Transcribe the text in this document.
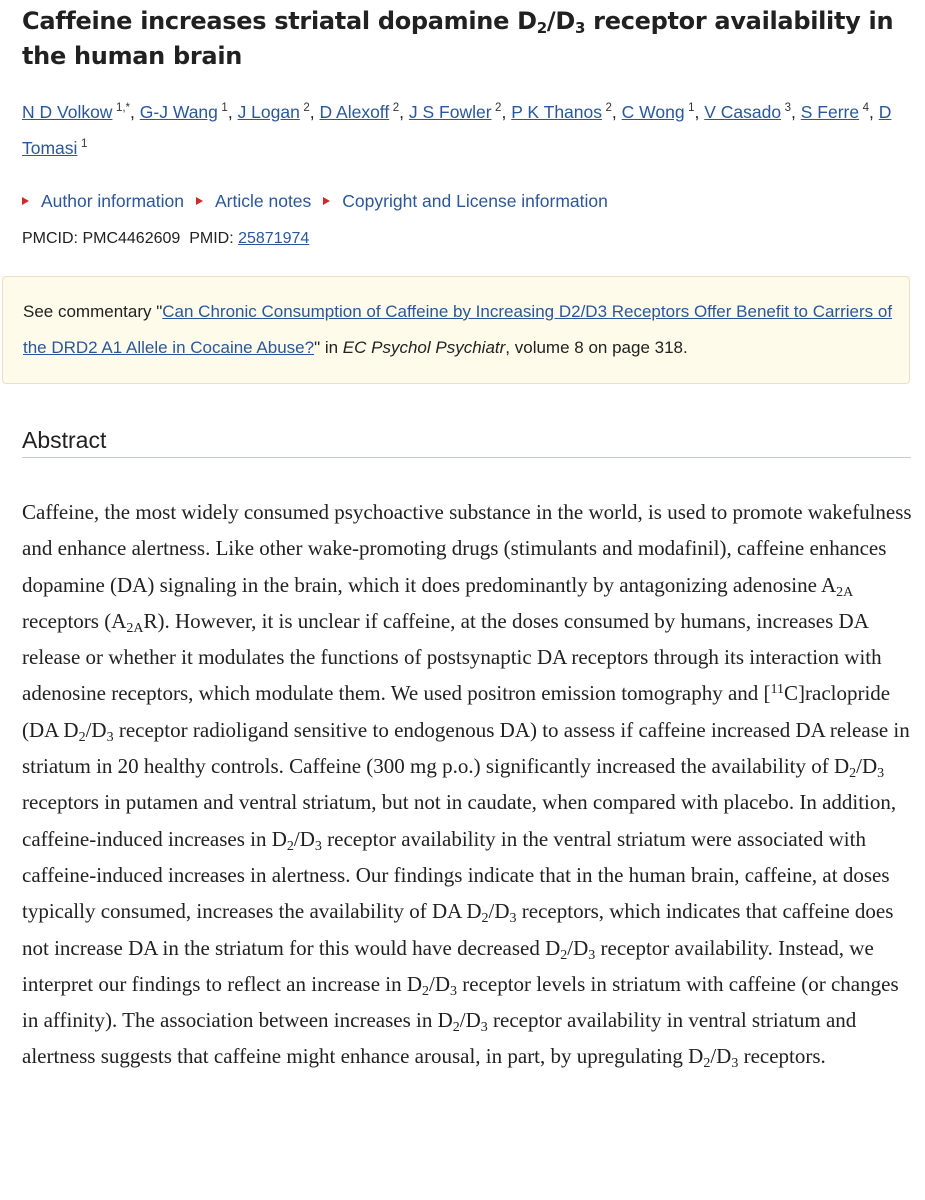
Caffeine increases striatal dopamine $D_2/D_3$ receptor availability in the human brain
N D Volkow  $^{1,*}$, G-J Wang  $^1$, J Logan  $^2$, D Alexoff  $^2$, J S Fowler  $^2$, P K Thanos  $^2$, C Wong  $^1$, V Casado  $^3$, S Ferre  $^4$, D Tomasi  $^1$
Author information Article notes Copyright and License information
PMCID: PMC4462609 PMID: 25871974
See commentary "Can Chronic Consumption of Caffeine by Increasing D2/D3 Receptors Offer Benefit to Carriers of the DRD2 A1 Allele in Cocaine Abuse?" in EC Psychol Psychiatr, volume 8 on page 318.
Abstract

Caffeine, the most widely consumed psychoactive substance in the world, is used to promote wakefulness and enhance alertness. Like other wake-promoting drugs (stimulants and modafinil), caffeine enhances dopamine (DA) signaling in the brain, which it does predominantly by antagonizing adenosine $A_{2A}$ receptors $(A_{2A}R)$. However, it is unclear if caffeine, at the doses consumed by humans, increases DA release or whether it modulates the functions of postsynaptic DA receptors through its interaction with adenosine receptors, which modulate them. We used positron emission tomography and [$^{11}$C]raclopride (DA $D_2/D_3$ receptor radioligand sensitive to endogenous DA) to assess if caffeine increased DA release in striatum in 20 healthy controls. Caffeine (300 mg p.o.) significantly increased the availability of $D_2/D_3$ receptors in putamen and ventral striatum, but not in caudate, when compared with placebo. In addition, caffeine-induced increases in $D_2/D_3$ receptor availability in the ventral striatum were associated with caffeine-induced increases in alertness. Our findings indicate that in the human brain, caffeine, at doses typically consumed, increases the availability of DA $D_2/D_3$ receptors, which indicates that caffeine does not increase DA in the striatum for this would have decreased $D_2/D_3$ receptor availability. Instead, we interpret our findings to reflect an increase in $D_2/D_3$ receptor levels in striatum with caffeine (or changes in affinity). The association between increases in $D_2/D_3$ receptor availability in ventral striatum and alertness suggests that caffeine might enhance arousal, in part, by upregulating $D_2/D_3$ receptors.
